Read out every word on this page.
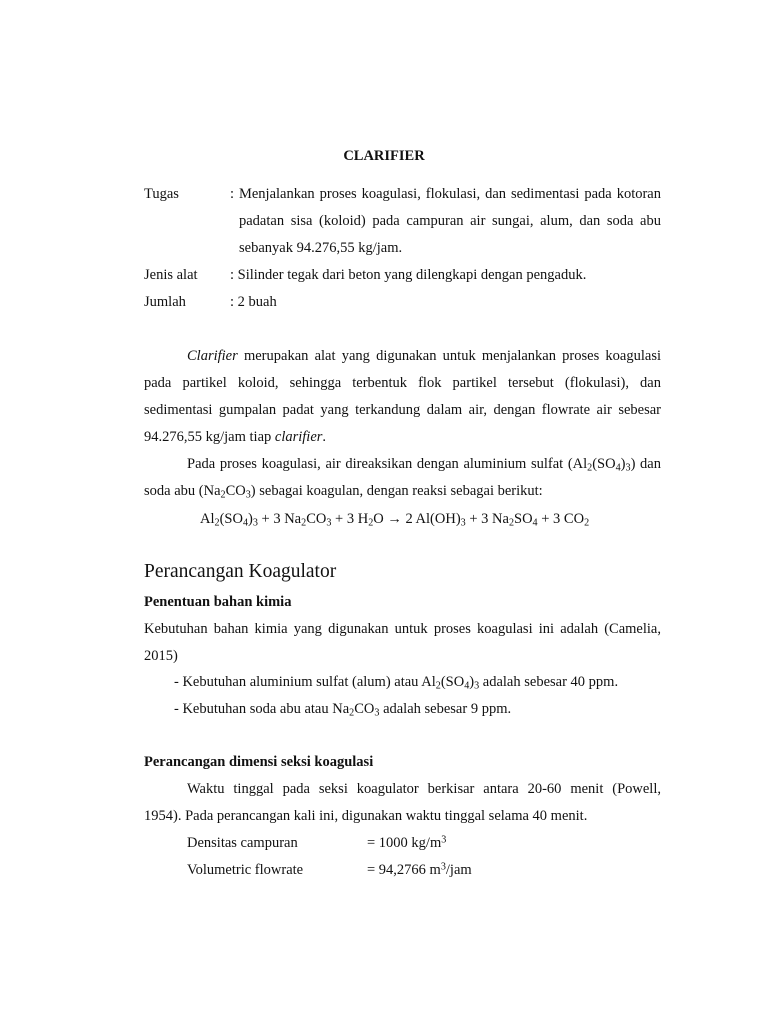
CLARIFIER
Tugas	: Menjalankan proses koagulasi, flokulasi, dan sedimentasi pada kotoran
padatan sisa (koloid) pada campuran air sungai, alum, dan soda abu
sebanyak 94.276,55 kg/jam.
Jenis alat : Silinder tegak dari beton yang dilengkapi dengan pengaduk.
Jumlah	: 2 buah
Clarifier merupakan alat yang digunakan untuk menjalankan proses koagulasi
pada partikel koloid, sehingga terbentuk flok partikel tersebut (flokulasi), dan
sedimentasi gumpalan padat yang terkandung dalam air, dengan flowrate air sebesar
94.276,55 kg/jam tiap clarifier.
Pada proses koagulasi, air direaksikan dengan aluminium sulfat $(Al_2(SO_4)_3)$ dan
soda abu $(Na_2CO_3)$ sebagai koagulan, dengan reaksi sebagai berikut:
$Al_2(SO_4)_3 + 3$ $Na_2CO_3 + 3$ $H_2O \to 2$ $Al(OH)_3 + 3$ $Na_2SO_4 + 3$ $CO_2$
Perancangan Koagulator
Penentuan bahan kimia
Kebutuhan bahan kimia yang digunakan untuk proses koagulasi ini adalah (Camelia,
2015)
- Kebutuhan aluminium sulfat (alum) atau $Al_2(SO_4)_3$ adalah sebesar 40 ppm.
- Kebutuhan soda abu atau $Na_2CO_3$ adalah sebesar 9 ppm.
Perancangan dimensi seksi koagulasi
Waktu tinggal pada seksi koagulator berkisar antara 20-60 menit (Powell,
1954). Pada perancangan kali ini, digunakan waktu tinggal selama 40 menit.
Densitas campuran	= 1000 $kg/m^3$
Volumetric flowrate	= 94,2766 $m^3$/jam
